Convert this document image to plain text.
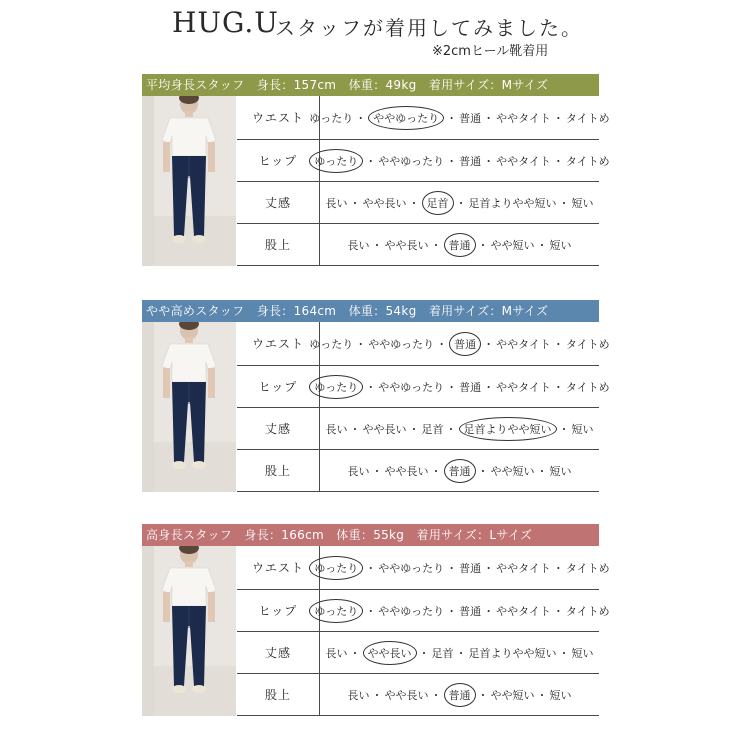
HUG.U
スタッフが着用してみました。
※2cmヒール靴着用
平均身長スタッフ　身長：157cm　体重：49kg　着用サイズ：Mサイズ
ウエスト ゆったり ・ ややゆったり ・ 普通 ・ ややタイト ・ タイトめ
ヒップ	ゆったり ・ ややゆったり ・ 普通 ・ ややタイト ・ タイトめ
丈感	長い ・ やや長い ・ 足首 ・ 足首よりやや短い ・ 短い
股上	長い ・ やや長い ・ 普通 ・ やや短い ・ 短い
やや高めスタッフ　身長：164cm　体重：54kg　着用サイズ：Mサイズ
ウエスト ゆったり ・ ややゆったり ・ 普通 ・ ややタイト ・ タイトめ
ヒップ	ゆったり ・ ややゆったり ・ 普通 ・ ややタイト ・ タイトめ
丈感	長い ・ やや長い ・ 足首 ・ 足首よりやや短い ・ 短い
股上	長い ・ やや長い ・ 普通 ・ やや短い ・ 短い
高身長スタッフ　身長：166cm　体重：55kg　着用サイズ：Lサイズ
ウエスト ゆったり ・ ややゆったり ・ 普通 ・ ややタイト ・ タイトめ
ヒップ	ゆったり ・ ややゆったり ・ 普通 ・ ややタイト ・ タイトめ
丈感	長い ・ やや長い ・ 足首 ・ 足首よりやや短い ・ 短い
股上	長い ・ やや長い ・ 普通 ・ やや短い ・ 短い
